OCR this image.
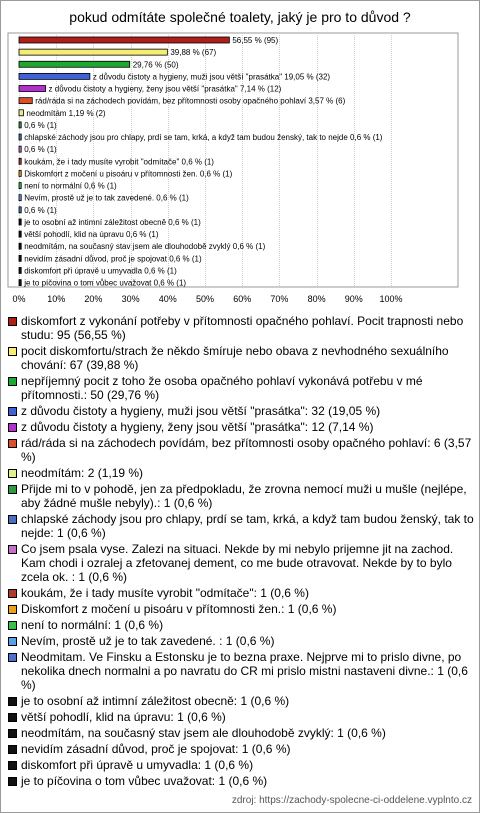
pokud odmítáte společné toalety, jaký je pro to důvod ?
56,55 % (95)
39,88 % (67)
29,76 % (50)
z důvodu čistoty a hygieny, muži jsou větší "prasátka" 19,05 % (32)
z důvodu čistoty a hygieny, ženy jsou větší "prasátka" 7,14 % (12)
rád/ráda si na záchodech povídám, bez přítomnosti osoby opačného pohlaví 3,57 % (6)
neodmítám 1,19 % (2)
0,6 % (1)
chlapské záchody jsou pro chlapy, prdí se tam, krká, a když tam budou ženský, tak to nejde 0,6 % (1)
0,6 % (1)
koukám, že i tady musíte vyrobit "odmítače" 0,6 % (1)
Diskomfort z močení u pisoáru v přítomnosti žen. 0,6 % (1)
není to normální 0,6 % (1)
Nevím, prostě už je to tak zavedené. 0,6 % (1)
0,6 % (1)
je to osobní až intimní záležitost obecně 0,6 % (1)
větší pohodlí, klid na úpravu 0,6 % (1)
neodmítám, na současný stav jsem ale dlouhodobě zvyklý 0,6 % (1)
nevidím zásadní důvod, proč je spojovat 0,6 % (1)
diskomfort při úpravě u umyvadla 0,6 % (1)
je to píčovina o tom vůbec uvažovat 0,6 % (1)
0% 10% 20% 30% 40% 50% 60% 70% 80% 90% 100%
diskomfort z vykonání potřeby v přítomnosti opačného pohlaví. Pocit trapnosti nebo studu: 95 (56,55 %)
pocit diskomfortu/strach že někdo šmíruje nebo obava z nevhodného sexuálního chování: 67 (39,88 %)
nepříjemný pocit z toho že osoba opačného pohlaví vykonává potřebu v mé přítomnosti.: 50 (29,76 %)
z důvodu čistoty a hygieny, muži jsou větší "prasátka": 32 (19,05 %)
z důvodu čistoty a hygieny, ženy jsou větší "prasátka": 12 (7,14 %)
rád/ráda si na záchodech povídám, bez přítomnosti osoby opačného pohlaví: 6 (3,57 %)
neodmítám: 2 (1,19 %)
Přijde mi to v pohodě, jen za předpokladu, že zrovna nemocí muži u mušle (nejlépe, aby žádné mušle nebyly).: 1 (0,6 %)
chlapské záchody jsou pro chlapy, prdí se tam, krká, a když tam budou ženský, tak to nejde: 1 (0,6 %)
Co jsem psala vyse. Zalezi na situaci. Nekde by mi nebylo prijemne jit na zachod. Kam chodi i ozralej a zfetovanej dement, co me bude otravovat. Nekde by to bylo zcela ok. : 1 (0,6 %)
koukám, že i tady musíte vyrobit "odmítače": 1 (0,6 %)
Diskomfort z močení u pisoáru v přítomnosti žen.: 1 (0,6 %)
není to normální: 1 (0,6 %)
Nevím, prostě už je to tak zavedené. : 1 (0,6 %)
Neodmitam. Ve Finsku a Estonsku je to bezna praxe. Nejprve mi to prislo divne, po nekolika dnech normalni a po navratu do CR mi prislo mistni nastaveni divne.: 1 (0,6 %)
je to osobní až intimní záležitost obecně: 1 (0,6 %)
větší pohodlí, klid na úpravu: 1 (0,6 %)
neodmítám, na současný stav jsem ale dlouhodobě zvyklý: 1 (0,6 %)
nevidím zásadní důvod, proč je spojovat: 1 (0,6 %)
diskomfort při úpravě u umyvadla: 1 (0,6 %)
je to píčovina o tom vůbec uvažovat: 1 (0,6 %)
zdroj: https://zachody-spolecne-ci-oddelene.vyplnto.cz
